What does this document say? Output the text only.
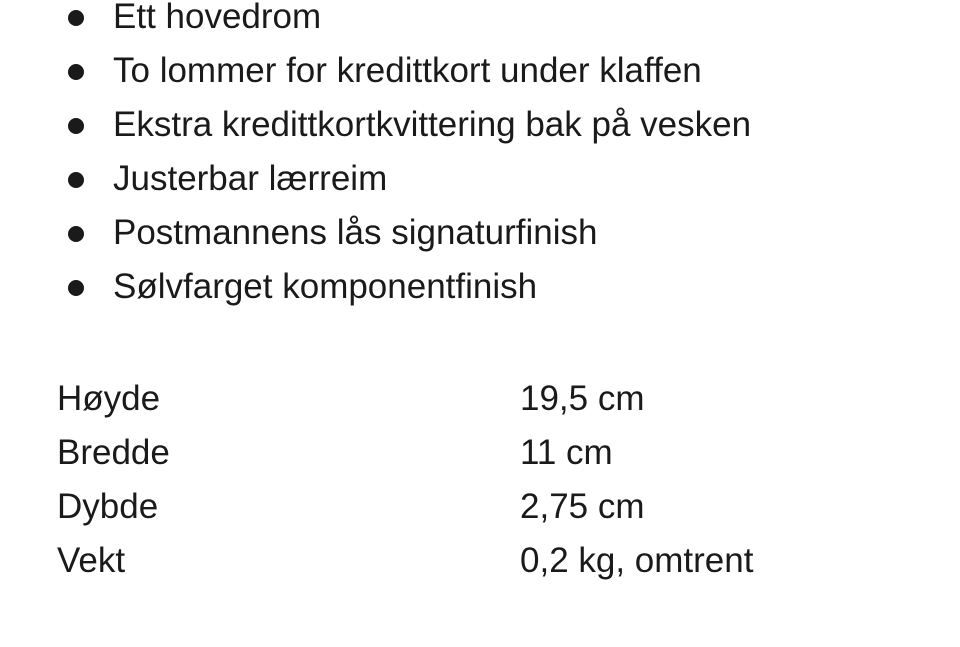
Ett hovedrom
To lommer for kredittkort under klaffen
Ekstra kredittkortkvittering bak på vesken
Justerbar lærreim
Postmannens lås signaturfinish
Sølvfarget komponentfinish
Høyde	19,5 cm
Bredde	11 cm
Dybde	2,75 cm
Vekt	0,2 kg, omtrent
